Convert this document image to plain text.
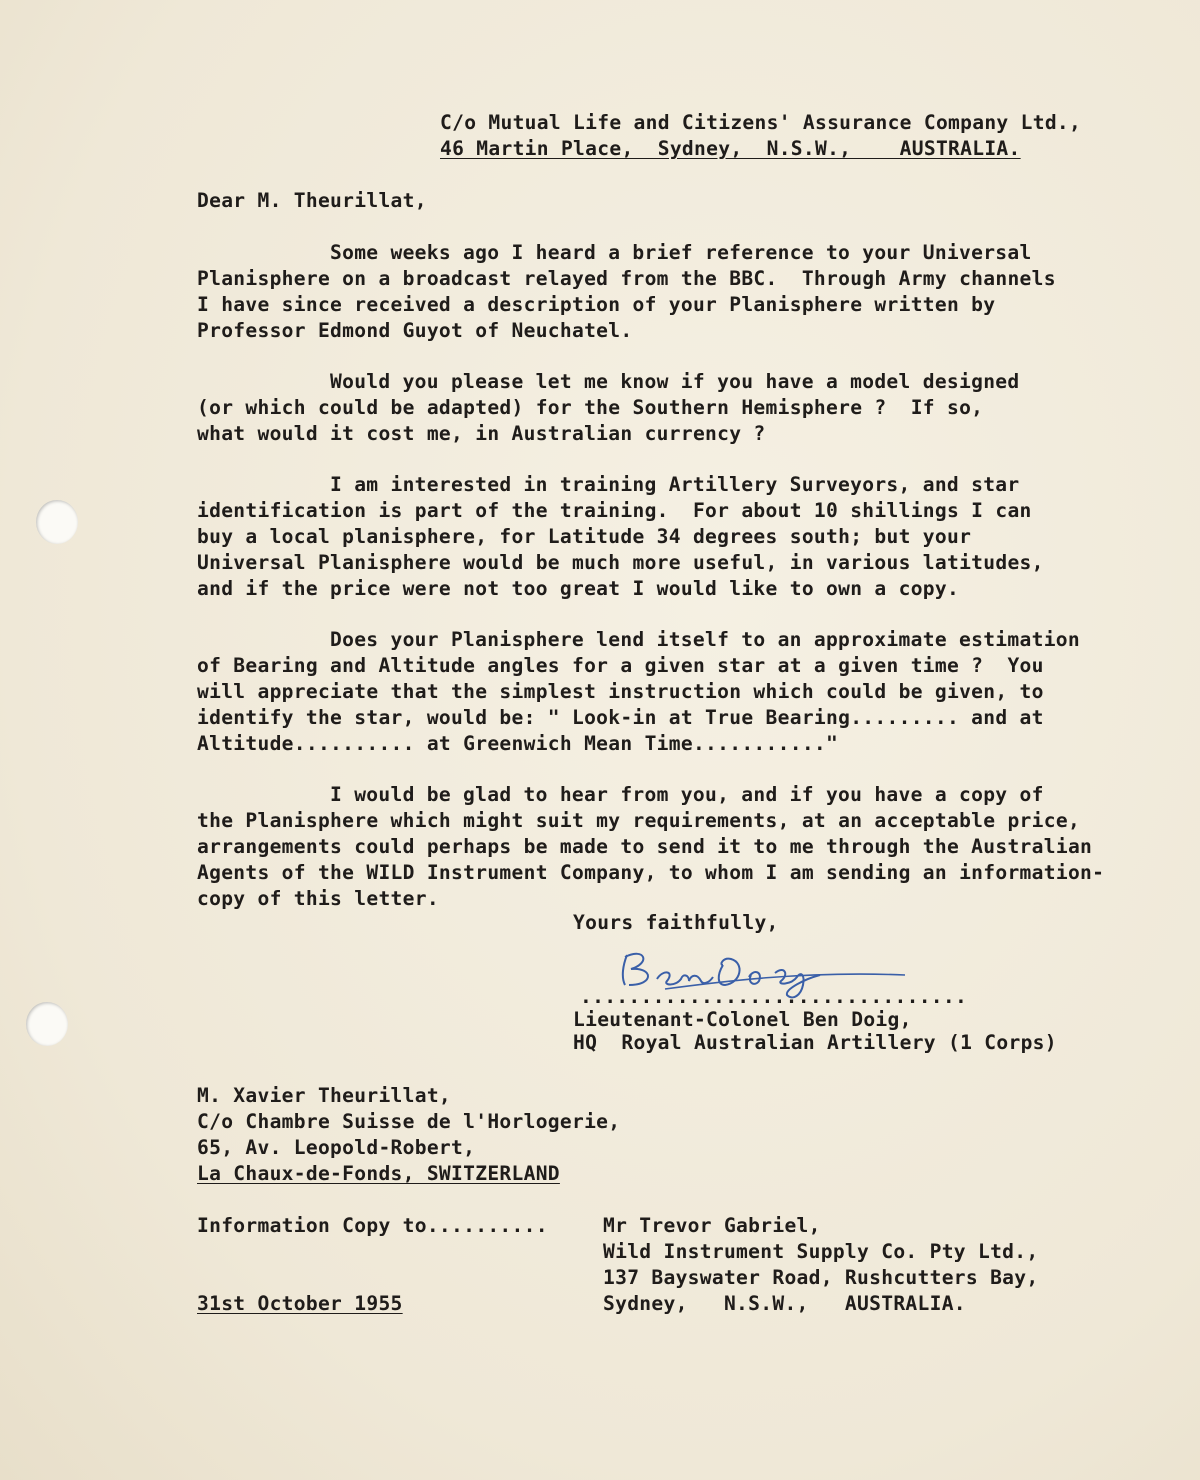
C/o Mutual Life and Citizens' Assurance Company Ltd.,
46 Martin Place,  Sydney,  N.S.W.,    AUSTRALIA.
Dear M. Theurillat,
Some weeks ago I heard a brief reference to your Universal
Planisphere on a broadcast relayed from the BBC.  Through Army channels
I have since received a description of your Planisphere written by
Professor Edmond Guyot of Neuchatel.
Would you please let me know if you have a model designed
(or which could be adapted) for the Southern Hemisphere ?  If so,
what would it cost me, in Australian currency ?
I am interested in training Artillery Surveyors, and star
identification is part of the training.  For about 10 shillings I can
buy a local planisphere, for Latitude 34 degrees south; but your
Universal Planisphere would be much more useful, in various latitudes,
and if the price were not too great I would like to own a copy.
Does your Planisphere lend itself to an approximate estimation
of Bearing and Altitude angles for a given star at a given time ?  You
will appreciate that the simplest instruction which could be given, to
identify the star, would be: " Look-in at True Bearing......... and at
Altitude.......... at Greenwich Mean Time..........."
I would be glad to hear from you, and if you have a copy of
the Planisphere which might suit my requirements, at an acceptable price,
arrangements could perhaps be made to send it to me through the Australian
Agents of the WILD Instrument Company, to whom I am sending an information-
copy of this letter.
Yours faithfully,
................................
Lieutenant-Colonel Ben Doig,
HQ  Royal Australian Artillery (1 Corps)
M. Xavier Theurillat,
C/o Chambre Suisse de l'Horlogerie,
65, Av. Leopold-Robert,
La Chaux-de-Fonds, SWITZERLAND
Information Copy to..........	Mr Trevor Gabriel,
Wild Instrument Supply Co. Pty Ltd.,
137 Bayswater Road, Rushcutters Bay,
Sydney,   N.S.W.,   AUSTRALIA.
31st October 1955
